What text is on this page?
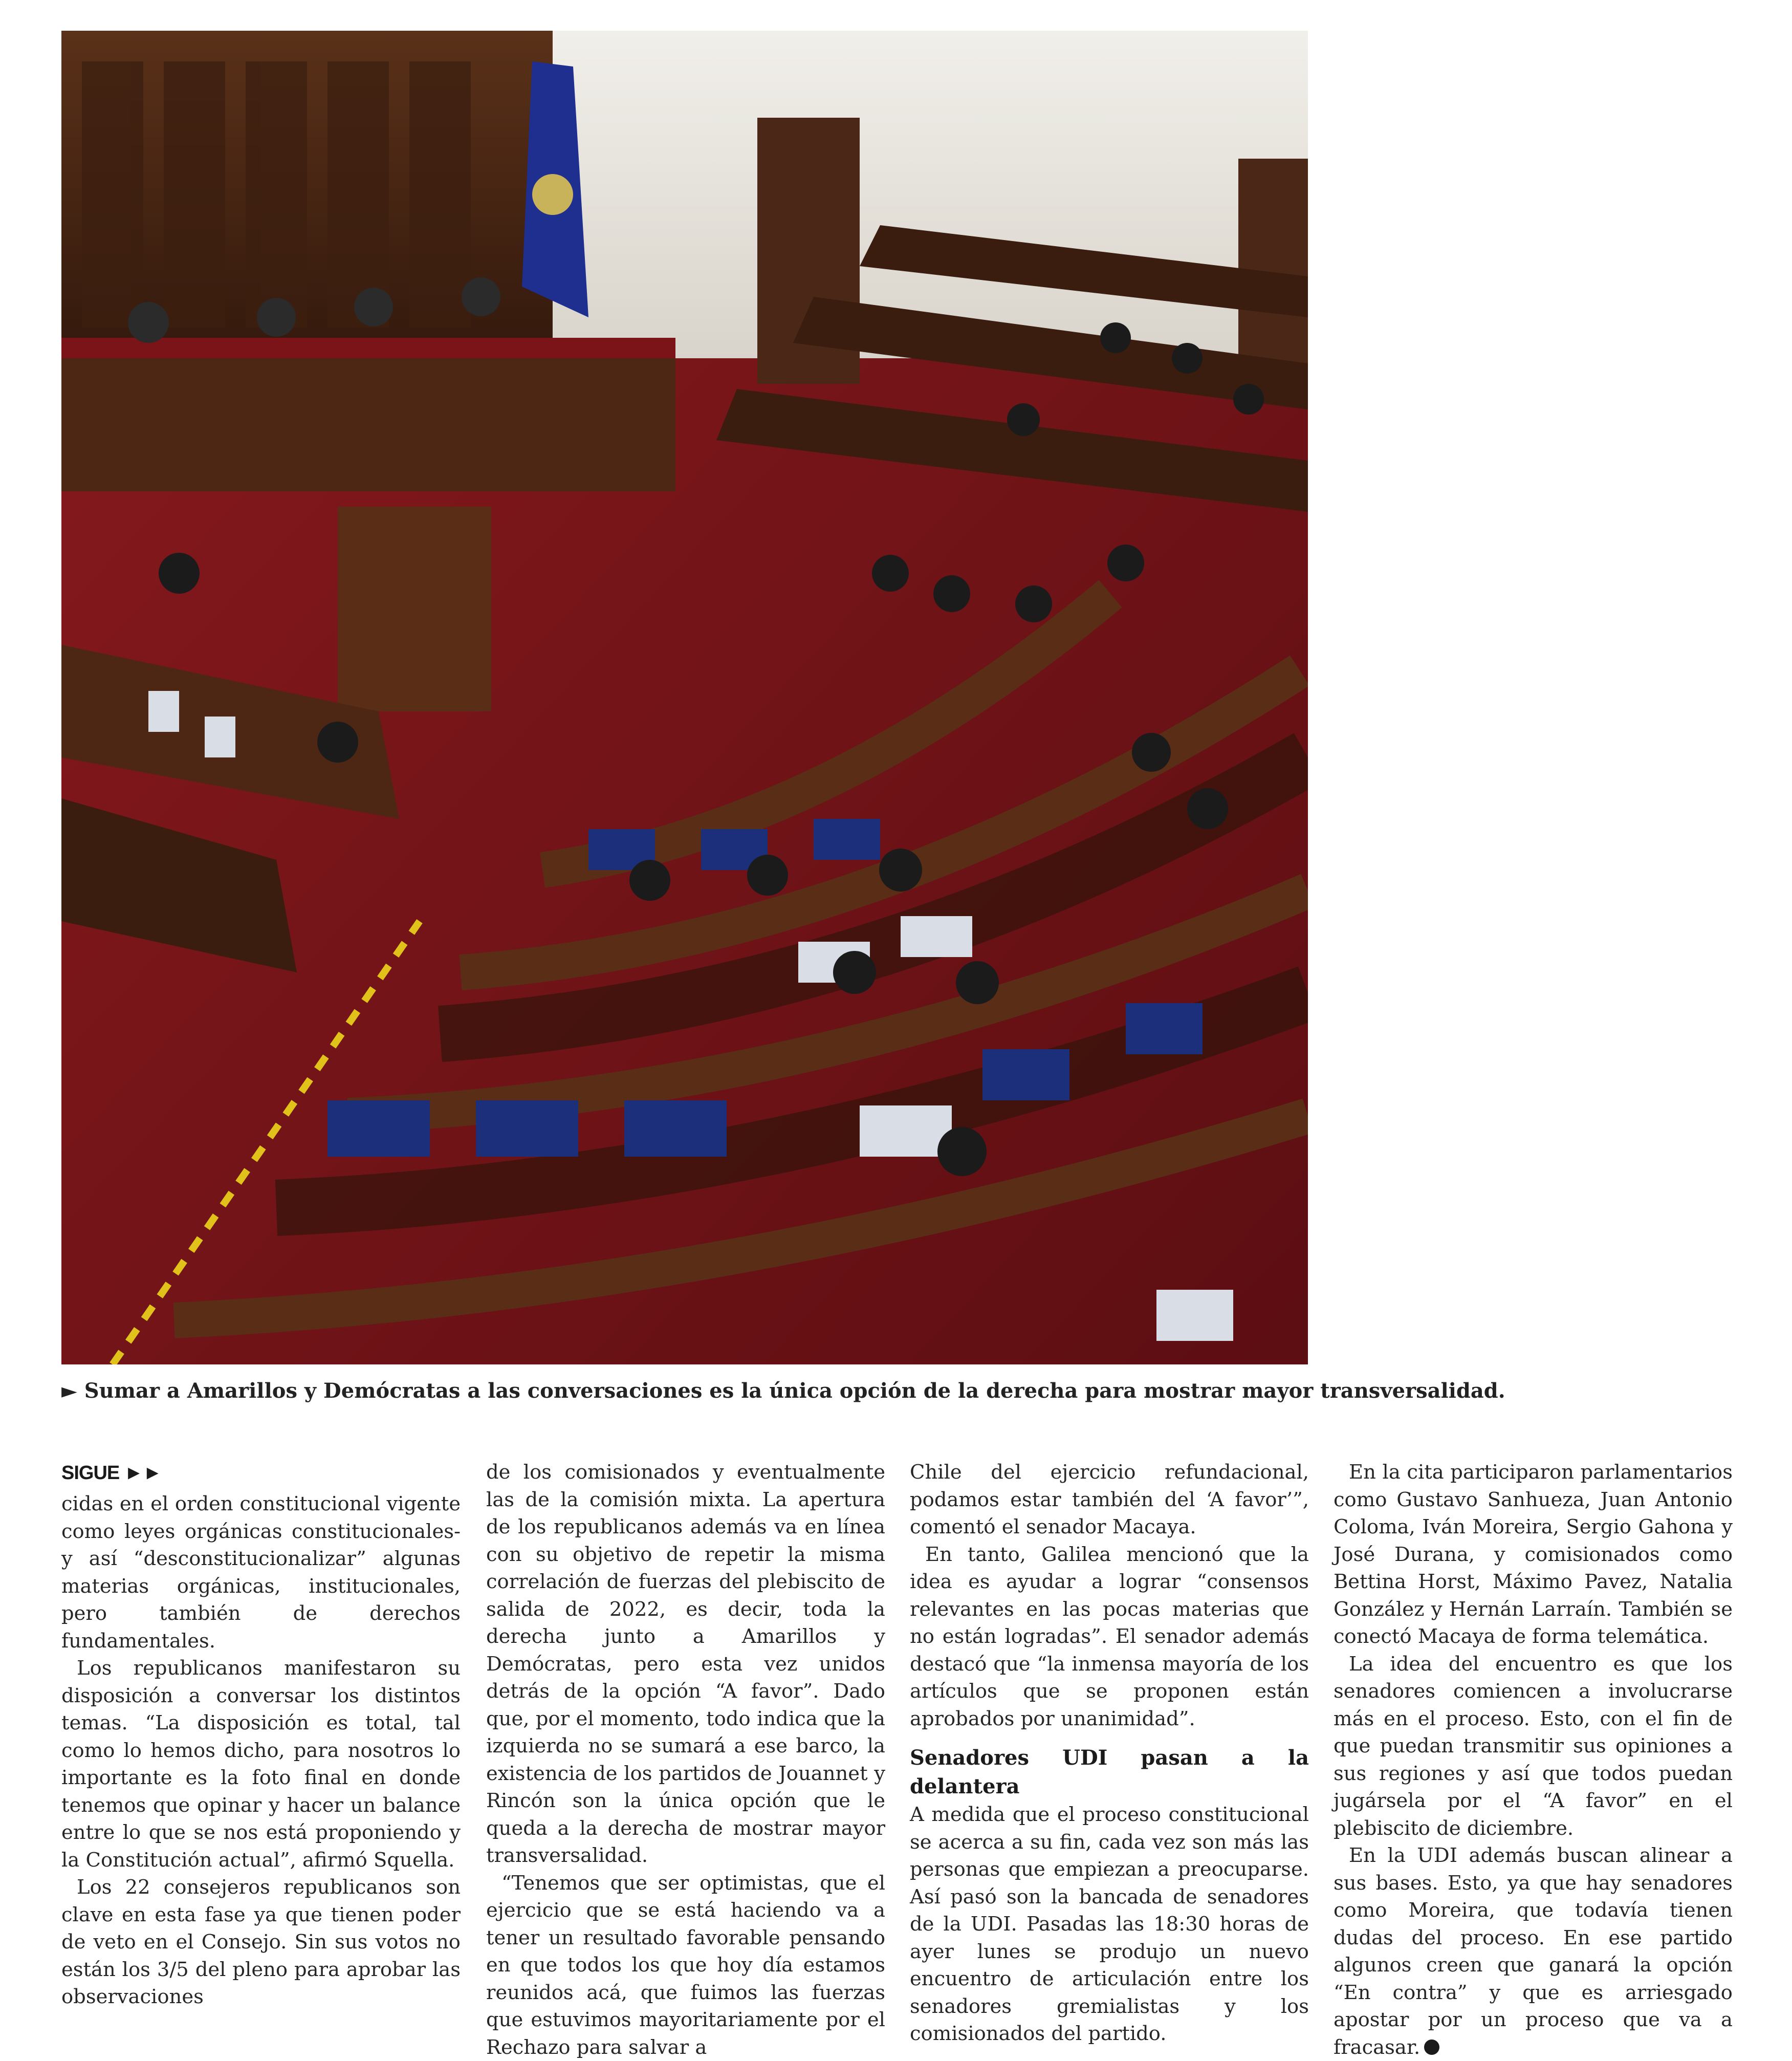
► Sumar a Amarillos y Demócratas a las conversaciones es la única opción de la derecha para mostrar mayor transversalidad.
SIGUE ►►

cidas en el orden constitucional vigente como leyes orgánicas constitucionales- y así “desconstitucionalizar” algunas materias orgánicas, institucionales, pero también de derechos fundamentales.

Los republicanos manifestaron su disposición a conversar los distintos temas. “La disposición es total, tal como lo hemos dicho, para nosotros lo importante es la foto final en donde tenemos que opinar y hacer un balance entre lo que se nos está proponiendo y la Constitución actual”, afirmó Squella.

Los 22 consejeros republicanos son clave en esta fase ya que tienen poder de veto en el Consejo. Sin sus votos no están los 3/5 del pleno para aprobar las observaciones

de los comisionados y eventualmente las de la comisión mixta. La apertura de los republicanos además va en línea con su objetivo de repetir la misma correlación de fuerzas del plebiscito de salida de 2022, es decir, toda la derecha junto a Amarillos y Demócratas, pero esta vez unidos detrás de la opción “A favor”. Dado que, por el momento, todo indica que la izquierda no se sumará a ese barco, la existencia de los partidos de Jouannet y Rincón son la única opción que le queda a la derecha de mostrar mayor transversalidad.

“Tenemos que ser optimistas, que el ejercicio que se está haciendo va a tener un resultado favorable pensando en que todos los que hoy día estamos reunidos acá, que fuimos las fuerzas que estuvimos mayoritariamente por el Rechazo para salvar a

Chile del ejercicio refundacional, podamos estar también del ‘A favor’”, comentó el senador Macaya.

En tanto, Galilea mencionó que la idea es ayudar a lograr “consensos relevantes en las pocas materias que no están logradas”. El senador además destacó que “la inmensa mayoría de los artículos que se proponen están aprobados por unanimidad”.

Senadores UDI pasan a la delantera

A medida que el proceso constitucional se acerca a su fin, cada vez son más las personas que empiezan a preocuparse. Así pasó son la bancada de senadores de la UDI. Pasadas las 18:30 horas de ayer lunes se produjo un nuevo encuentro de articulación entre los senadores gremialistas y los comisionados del partido.

En la cita participaron parlamentarios como Gustavo Sanhueza, Juan Antonio Coloma, Iván Moreira, Sergio Gahona y José Durana, y comisionados como Bettina Horst, Máximo Pavez, Natalia González y Hernán Larraín. También se conectó Macaya de forma telemática.

La idea del encuentro es que los senadores comiencen a involucrarse más en el proceso. Esto, con el fin de que puedan transmitir sus opiniones a sus regiones y así que todos puedan jugársela por el “A favor” en el plebiscito de diciembre.

En la UDI además buscan alinear a sus bases. Esto, ya que hay senadores como Moreira, que todavía tienen dudas del proceso. En ese partido algunos creen que ganará la opción “En contra” y que es arriesgado apostar por un proceso que va a fracasar.
